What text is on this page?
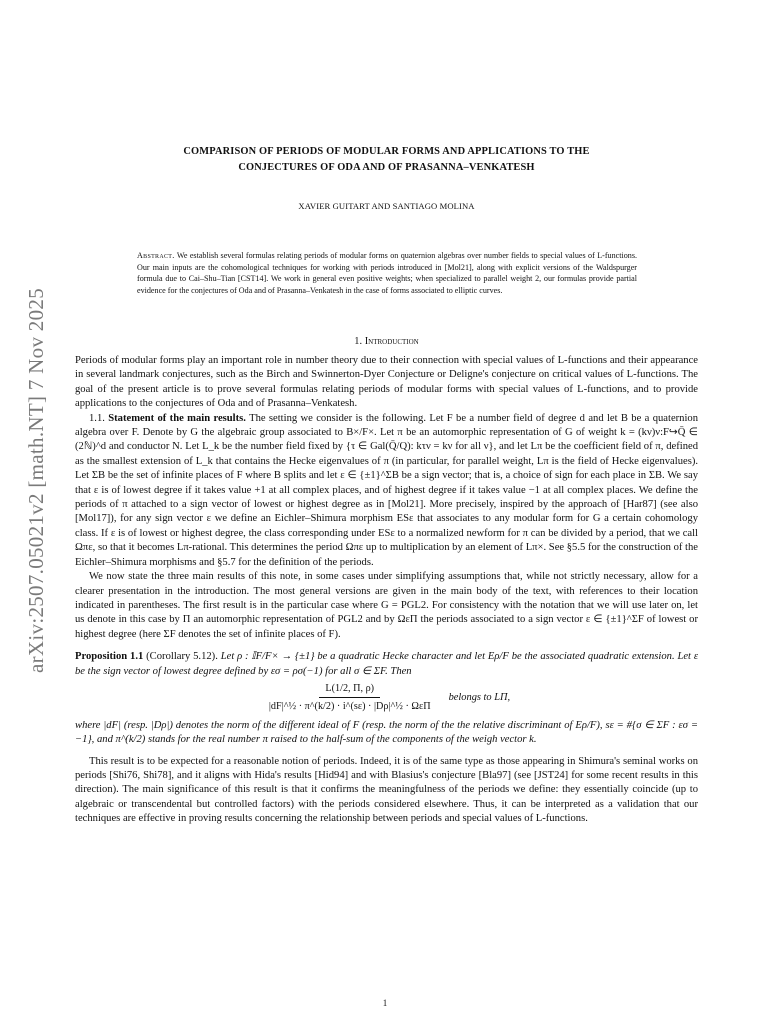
arXiv:2507.05021v2 [math.NT] 7 Nov 2025
COMPARISON OF PERIODS OF MODULAR FORMS AND APPLICATIONS TO THE
CONJECTURES OF ODA AND OF PRASANNA–VENKATESH
XAVIER GUITART AND SANTIAGO MOLINA
Abstract. We establish several formulas relating periods of modular forms on quaternion algebras over number fields to special values of L-functions. Our main inputs are the cohomological techniques for working with periods introduced in [Mol21], along with explicit versions of the Waldspurger formula due to Cai–Shu–Tian [CST14]. We work in general even positive weights; when specialized to parallel weight 2, our formulas provide partial evidence for the conjectures of Oda and of Prasanna–Venkatesh in the case of forms associated to elliptic curves.
1. Introduction

Periods of modular forms play an important role in number theory due to their connection with special values of L-functions and their appearance in several landmark conjectures, such as the Birch and Swinnerton-Dyer Conjecture or Deligne's conjecture on critical values of L-functions. The goal of the present article is to prove several formulas relating periods of modular forms with special values of L-functions, and to provide applications to the conjectures of Oda and of Prasanna–Venkatesh.

1.1. Statement of the main results. The setting we consider is the following. Let F be a number field of degree d and let B be a quaternion algebra over F. Denote by G the algebraic group associated to B×/F×. Let π be an automorphic representation of G of weight k = (kν)ν:F↪Q̄ ∈ (2ℕ)^d and conductor N. Let L_k be the number field fixed by {τ ∈ Gal(Q̄/Q): kτν = kν for all ν}, and let Lπ be the coefficient field of π, defined as the smallest extension of L_k that contains the Hecke eigenvalues of π (in particular, for parallel weight, Lπ is the field of Hecke eigenvalues). Let ΣB be the set of infinite places of F where B splits and let ε ∈ {±1}^ΣB be a sign vector; that is, a choice of sign for each place in ΣB. We say that ε is of lowest degree if it takes value +1 at all complex places, and of highest degree if it takes value −1 at all complex places. We define the periods of π attached to a sign vector of lowest or highest degree as in [Mol21]. More precisely, inspired by the approach of [Har87] (see also [Mol17]), for any sign vector ε we define an Eichler–Shimura morphism ESε that associates to any modular form for G a certain cohomology class. If ε is of lowest or highest degree, the class corresponding under ESε to a normalized newform for π can be divided by a period, that we call Ωπε, so that it becomes Lπ-rational. This determines the period Ωπε up to multiplication by an element of Lπ×. See §5.5 for the construction of the Eichler–Shimura morphisms and §5.7 for the definition of the periods.

We now state the three main results of this note, in some cases under simplifying assumptions that, while not strictly necessary, allow for a clearer presentation in the introduction. The most general versions are given in the main body of the text, with references to their location indicated in parentheses. The first result is in the particular case where G = PGL2. For consistency with the notation that we will use later on, let us denote in this case by Π an automorphic representation of PGL2 and by ΩεΠ the periods associated to a sign vector ε ∈ {±1}^ΣF of lowest or highest degree (here ΣF denotes the set of infinite places of F).

Proposition 1.1 (Corollary 5.12). Let ρ : 𝕀F/F× → {±1} be a quadratic Hecke character and let Eρ/F be the associated quadratic extension. Let ε be the sign vector of lowest degree defined by εσ = ρσ(−1) for all σ ∈ ΣF. Then

$\frac{L(1/2, \Pi, \rho)}{\text{|dF|\textasciicircum{}½ · π\textasciicircum{}(k/2) · i\textasciicircum{}(sε) · |Dρ|\textasciicircum{}½ · ΩεΠ}}$ belongs to LΠ,

where |dF| (resp. |Dρ|) denotes the norm of the different ideal of F (resp. the norm of the the relative discriminant of Eρ/F), sε = #{σ ∈ ΣF : εσ = −1}, and π^(k/2) stands for the real number π raised to the half-sum of the components of the weigh vector k.

This result is to be expected for a reasonable notion of periods. Indeed, it is of the same type as those appearing in Shimura's seminal works on periods [Shi76, Shi78], and it aligns with Hida's results [Hid94] and with Blasius's conjecture [Bla97] (see [JST24] for some recent results in this direction). The main significance of this result is that it confirms the meaningfulness of the periods we define: they essentially coincide (up to algebraic or transcendental but controlled factors) with the periods considered elsewhere. Thus, it can be interpreted as a validation that our techniques are effective in proving results concerning the relationship between periods and special values of L-functions.

1
